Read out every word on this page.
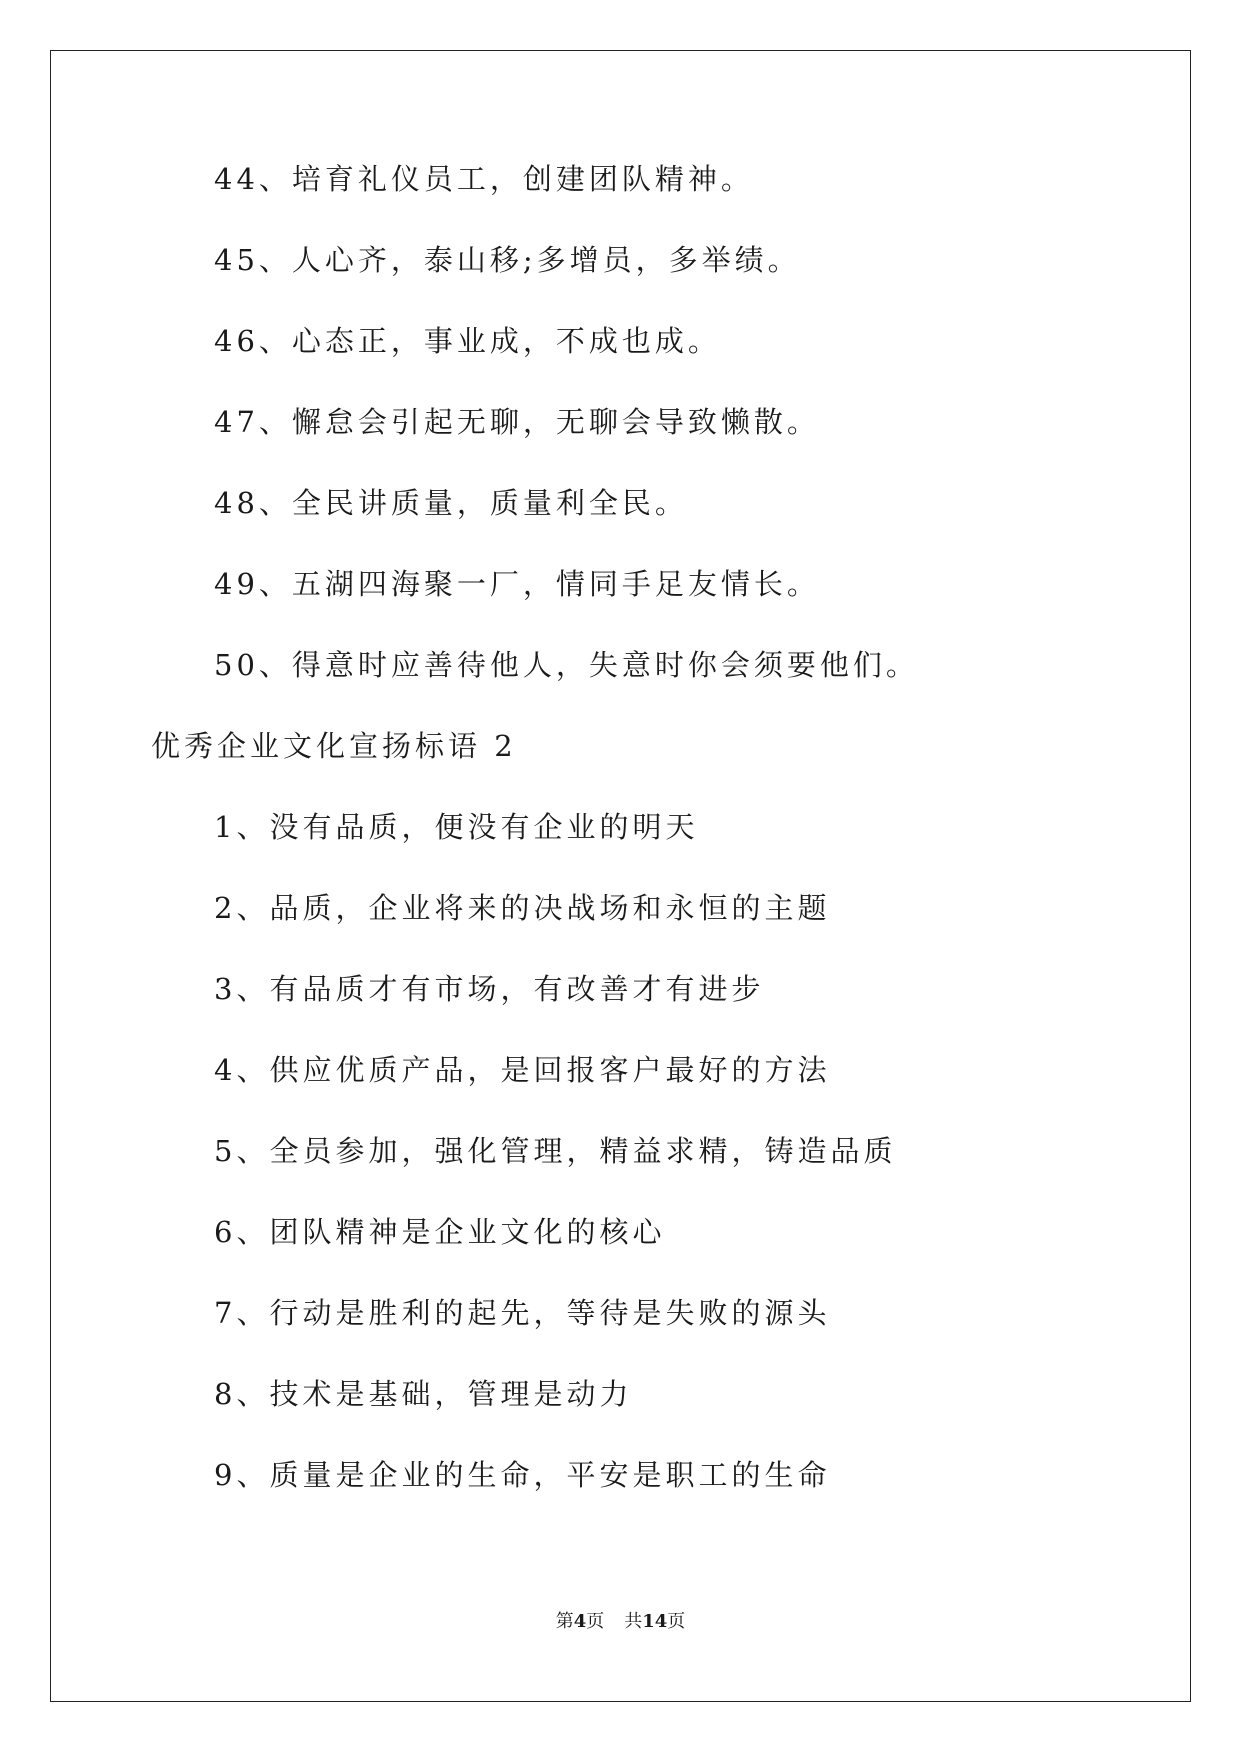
44、培育礼仪员工，创建团队精神。
45、人心齐，泰山移;多增员，多举绩。
46、心态正，事业成，不成也成。
47、懈怠会引起无聊，无聊会导致懒散。
48、全民讲质量，质量利全民。
49、五湖四海聚一厂，情同手足友情长。
50、得意时应善待他人，失意时你会须要他们。
优秀企业文化宣扬标语 2
1、没有品质，便没有企业的明天
2、品质，企业将来的决战场和永恒的主题
3、有品质才有市场，有改善才有进步
4、供应优质产品，是回报客户最好的方法
5、全员参加，强化管理，精益求精，铸造品质
6、团队精神是企业文化的核心
7、行动是胜利的起先，等待是失败的源头
8、技术是基础，管理是动力
9、质量是企业的生命，平安是职工的生命
第4页 共14页
